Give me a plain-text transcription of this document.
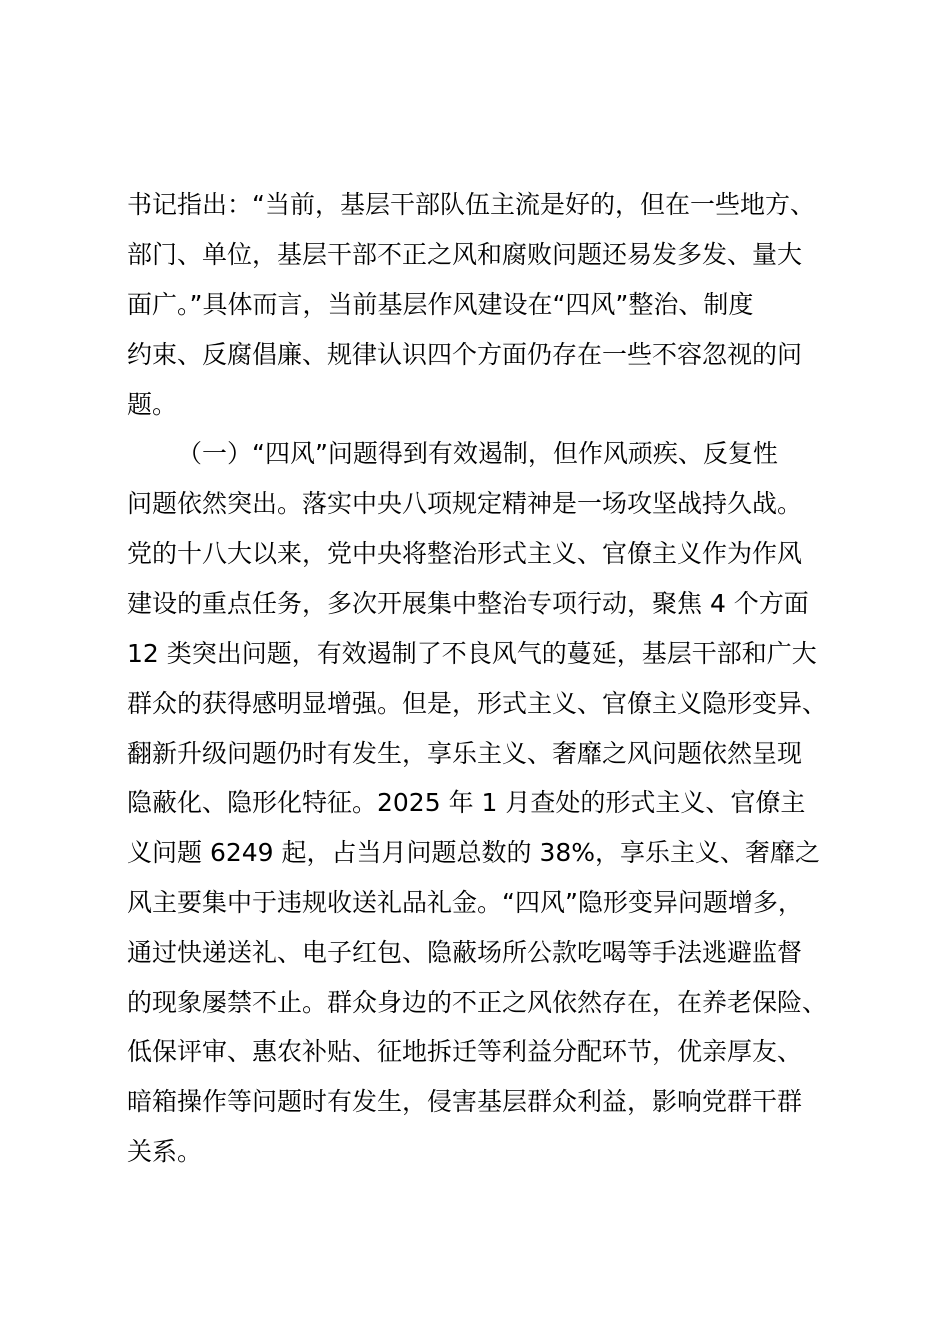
书记指出：“当前，基层干部队伍主流是好的，但在一些地方、

部门、单位，基层干部不正之风和腐败问题还易发多发、量大

面广。”具体而言，当前基层作风建设在“四风”整治、制度

约束、反腐倡廉、规律认识四个方面仍存在一些不容忽视的问

题。

（一）“四风”问题得到有效遏制，但作风顽疾、反复性

问题依然突出。落实中央八项规定精神是一场攻坚战持久战。

党的十八大以来，党中央将整治形式主义、官僚主义作为作风

建设的重点任务，多次开展集中整治专项行动，聚焦 4 个方面

12 类突出问题，有效遏制了不良风气的蔓延，基层干部和广大

群众的获得感明显增强。但是，形式主义、官僚主义隐形变异、

翻新升级问题仍时有发生，享乐主义、奢靡之风问题依然呈现

隐蔽化、隐形化特征。2025 年 1 月查处的形式主义、官僚主

义问题 6249 起，占当月问题总数的 38%，享乐主义、奢靡之

风主要集中于违规收送礼品礼金。“四风”隐形变异问题增多，

通过快递送礼、电子红包、隐蔽场所公款吃喝等手法逃避监督

的现象屡禁不止。群众身边的不正之风依然存在，在养老保险、

低保评审、惠农补贴、征地拆迁等利益分配环节，优亲厚友、

暗箱操作等问题时有发生，侵害基层群众利益，影响党群干群

关系。
